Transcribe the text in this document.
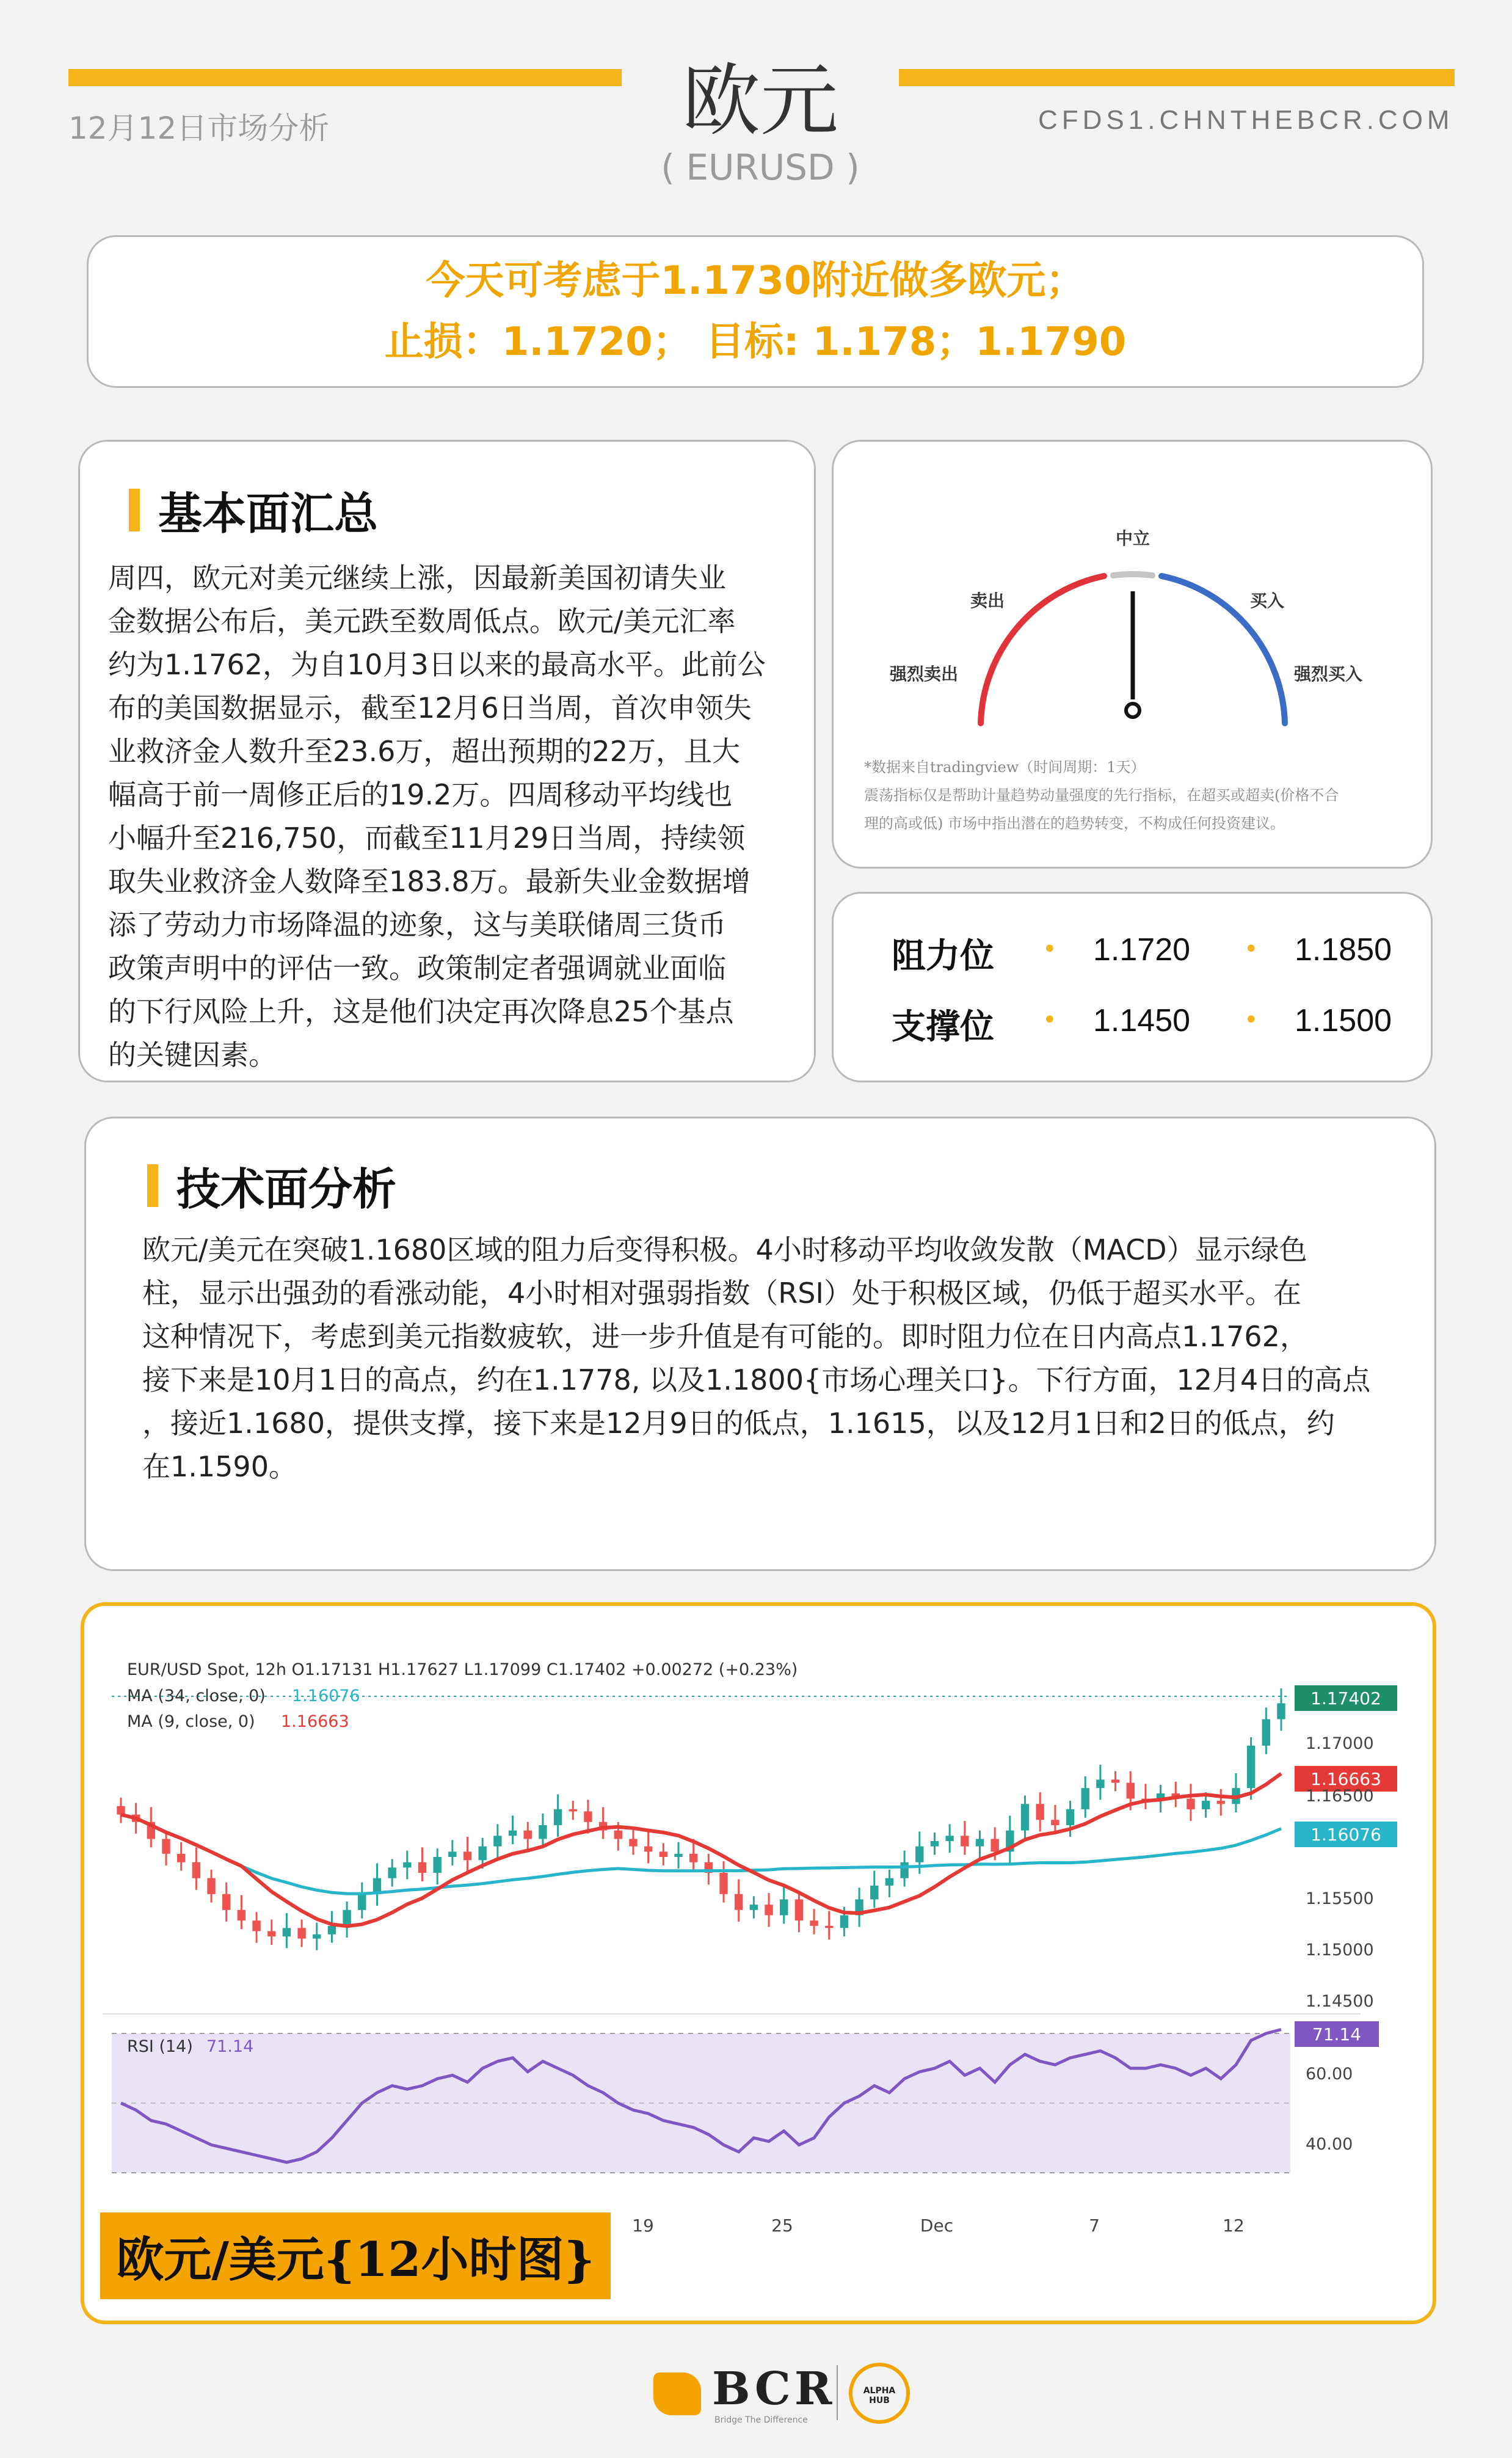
12月12日市场分析	欧元
( EURUSD )
CFDS1.CHNTHEBCR.COM
今天可考虑于1.1730附近做多欧元；
止损：1.1720； 目标: 1.178；1.1790
基本面汇总
周四，欧元对美元继续上涨，因最新美国初请失业
金数据公布后，美元跌至数周低点。欧元/美元汇率
约为1.1762，为自10月3日以来的最高水平。此前公
布的美国数据显示，截至12月6日当周，首次申领失
业救济金人数升至23.6万，超出预期的22万，且大
幅高于前一周修正后的19.2万。四周移动平均线也
小幅升至216,750，而截至11月29日当周，持续领
取失业救济金人数降至183.8万。最新失业金数据增
添了劳动力市场降温的迹象，这与美联储周三货币
政策声明中的评估一致。政策制定者强调就业面临
的下行风险上升，这是他们决定再次降息25个基点
的关键因素。
中立
卖出	买入
强烈卖出	强烈买入
*数据来自tradingview（时间周期：1天）
震荡指标仅是帮助计量趋势动量强度的先行指标，在超买或超卖(价格不合
理的高或低) 市场中指出潜在的趋势转变，不构成任何投资建议。
阻力位 • 1.1720 • 1.1850
支撑位 • 1.1450 • 1.1500
技术面分析
欧元/美元在突破1.1680区域的阻力后变得积极。4小时移动平均收敛发散（MACD）显示绿色
柱，显示出强劲的看涨动能，4小时相对强弱指数（RSI）处于积极区域，仍低于超买水平。在
这种情况下，考虑到美元指数疲软，进一步升值是有可能的。即时阻力位在日内高点1.1762，
接下来是10月1日的高点，约在1.1778, 以及1.1800{市场心理关口}。下行方面，12月4日的高点
，接近1.1680，提供支撑，接下来是12月9日的低点，1.1615，以及12月1日和2日的低点，约
在1.1590。
EUR/USD Spot, 12h O1.17131 H1.17627 L1.17099 C1.17402 +0.00272 (+0.23%)
MA (34, close, 0) 1.16076
MA (9, close, 0) 1.16663
1.17402
1.16663
1.16076
1.17000
1.16500
1.15500
1.15000
1.14500
RSI (14) 71.14
71.14
60.00
40.00
19	25	Dec	7	12
欧元/美元{12小时图}
BCR
Bridge The Difference
ALPHA HUB
